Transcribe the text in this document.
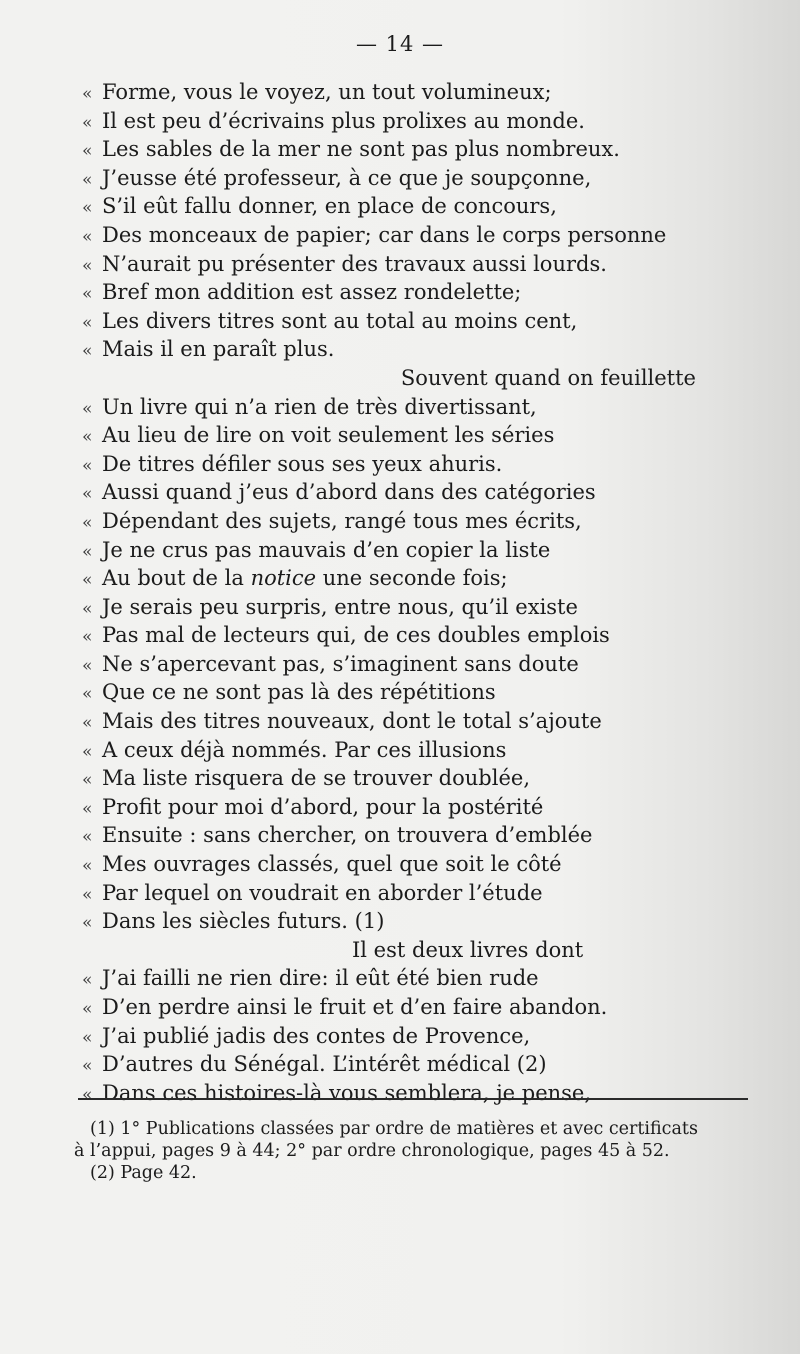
— 14 —
« Forme, vous le voyez, un tout volumineux;
« Il est peu d’écrivains plus prolixes au monde.
« Les sables de la mer ne sont pas plus nombreux.
« J’eusse été professeur, à ce que je soupçonne,
« S’il eût fallu donner, en place de concours,
« Des monceaux de papier; car dans le corps personne
« N’aurait pu présenter des travaux aussi lourds.
« Bref mon addition est assez rondelette;
« Les divers titres sont au total au moins cent,
« Mais il en paraît plus.
Souvent quand on feuillette
« Un livre qui n’a rien de très divertissant,
« Au lieu de lire on voit seulement les séries
« De titres défiler sous ses yeux ahuris.
« Aussi quand j’eus d’abord dans des catégories
« Dépendant des sujets, rangé tous mes écrits,
« Je ne crus pas mauvais d’en copier la liste
« Au bout de la notice une seconde fois;
« Je serais peu surpris, entre nous, qu’il existe
« Pas mal de lecteurs qui, de ces doubles emplois
« Ne s’apercevant pas, s’imaginent sans doute
« Que ce ne sont pas là des répétitions
« Mais des titres nouveaux, dont le total s’ajoute
« A ceux déjà nommés. Par ces illusions
« Ma liste risquera de se trouver doublée,
« Profit pour moi d’abord, pour la postérité
« Ensuite : sans chercher, on trouvera d’emblée
« Mes ouvrages classés, quel que soit le côté
« Par lequel on voudrait en aborder l’étude
« Dans les siècles futurs. (1)
Il est deux livres dont
« J’ai failli ne rien dire: il eût été bien rude
« D’en perdre ainsi le fruit et d’en faire abandon.
« J’ai publié jadis des contes de Provence,
« D’autres du Sénégal. L’intérêt médical (2)
« Dans ces histoires-là vous semblera, je pense,

(1) 1° Publications classées par ordre de matières et avec certificats

à l’appui, pages 9 à 44; 2° par ordre chronologique, pages 45 à 52.

(2) Page 42.
